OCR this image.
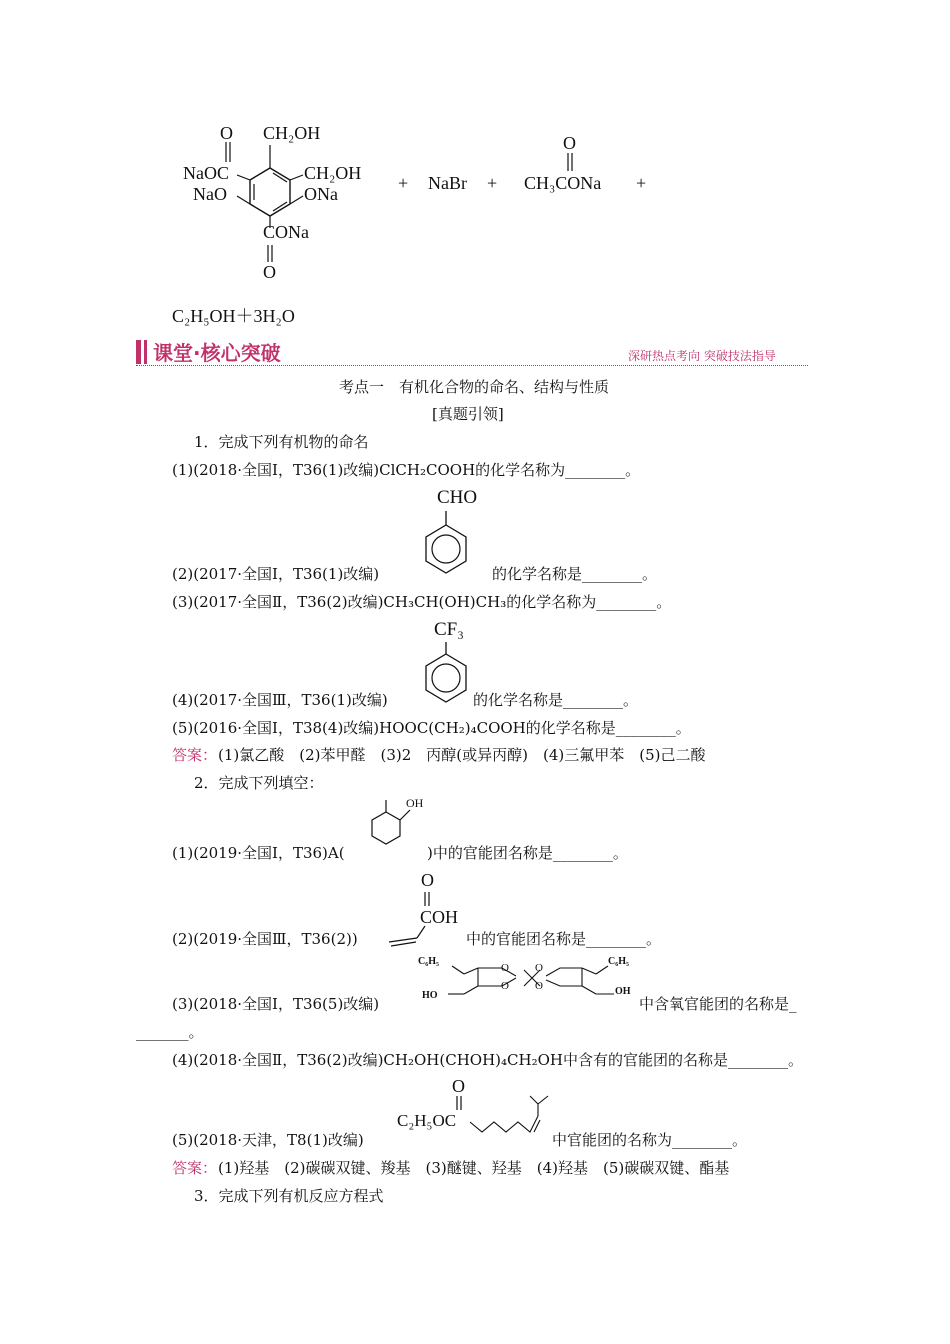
O CH₂OH
NaOC	CH₂OH
NaO	ONa
CONa
O
+ NaBr +
O
CH₃CONa +
C₂H₅OH＋3H₂O
课堂·核心突破	深研热点考向 突破技法指导
考点一　有机化合物的命名、结构与性质
[真题引领]
1．完成下列有机物的命名
(1)(2018·全国Ⅰ，T36(1)改编)ClCH₂COOH的化学名称为________。
CHO
(2)(2017·全国Ⅰ，T36(1)改编)	的化学名称是________。
(3)(2017·全国Ⅱ，T36(2)改编)CH₃CH(OH)CH₃的化学名称为________。
CF₃
(4)(2017·全国Ⅲ，T36(1)改编)	的化学名称是________。
(5)(2016·全国Ⅰ，T38(4)改编)HOOC(CH₂)₄COOH的化学名称是________。
答案： (1)氯乙酸　(2)苯甲醛　(3)2　丙醇(或异丙醇)　(4)三氟甲苯　(5)己二酸
2．完成下列填空：
OH
(1)(2019·全国Ⅰ，T36)A(	)中的官能团名称是________。
O
COH
(2)(2019·全国Ⅲ，T36(2))	中的官能团名称是________。
C₆H₅	C₆H₅
O O
O O
HO	OH
(3)(2018·全国Ⅰ，T36(5)改编)	中含氧官能团的名称是_
_______。
(4)(2018·全国Ⅱ，T36(2)改编)CH₂OH(CHOH)₄CH₂OH中含有的官能团的名称是________。
O
C₂H₅OC
(5)(2018·天津，T8(1)改编)	中官能团的名称为________。
答案： (1)羟基　(2)碳碳双键、羧基　(3)醚键、羟基　(4)羟基　(5)碳碳双键、酯基
3．完成下列有机反应方程式
